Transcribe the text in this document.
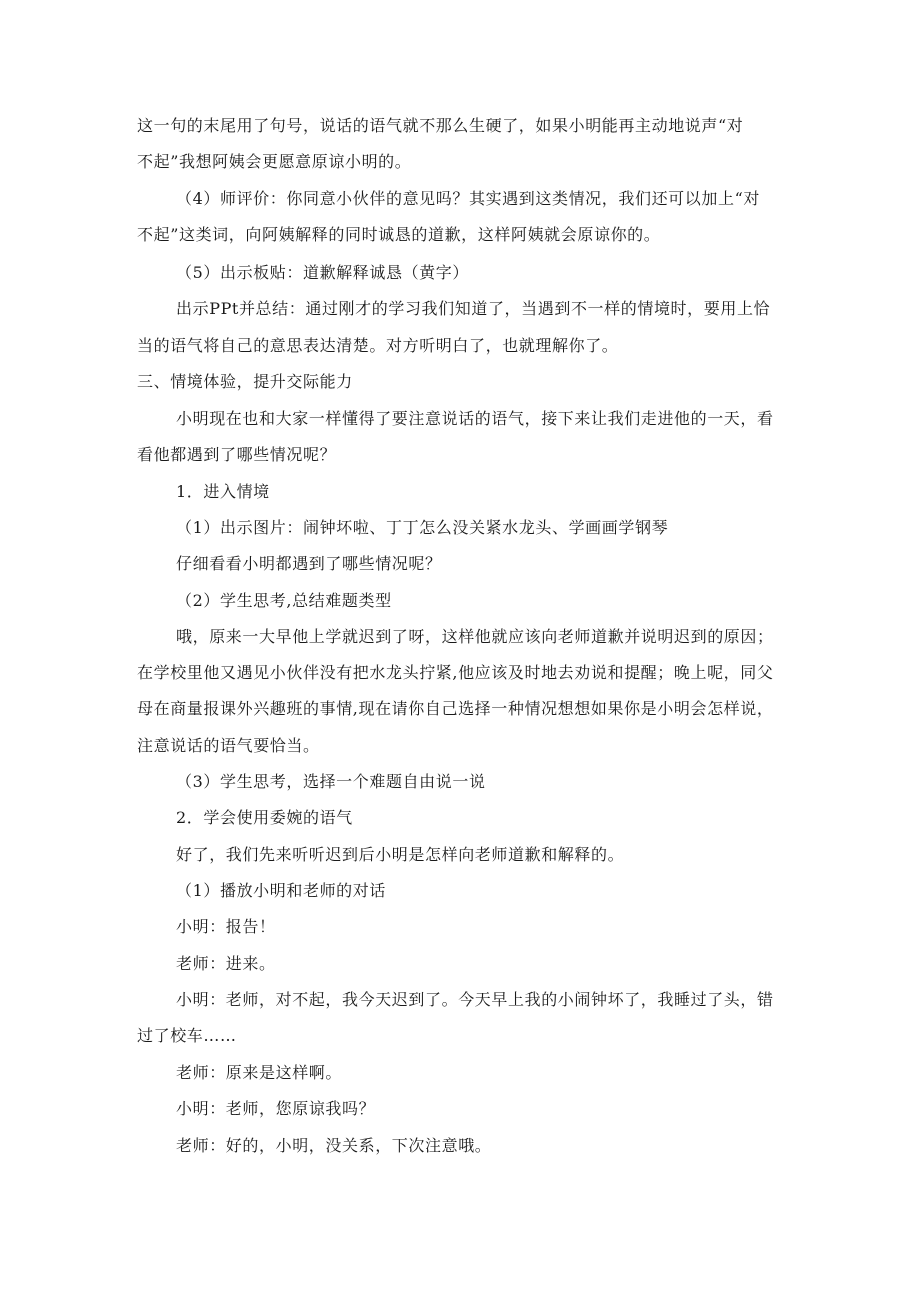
这一句的末尾用了句号，说话的语气就不那么生硬了，如果小明能再主动地说声“对
不起”我想阿姨会更愿意原谅小明的。
（4）师评价：你同意小伙伴的意见吗？其实遇到这类情况，我们还可以加上“对
不起”这类词，向阿姨解释的同时诚恳的道歉，这样阿姨就会原谅你的。
（5）出示板贴：道歉解释诚恳（黄字）
出示PPt并总结：通过刚才的学习我们知道了，当遇到不一样的情境时，要用上恰
当的语气将自己的意思表达清楚。对方听明白了，也就理解你了。
三、情境体验，提升交际能力
小明现在也和大家一样懂得了要注意说话的语气，接下来让我们走进他的一天，看
看他都遇到了哪些情况呢？
1．进入情境
（1）出示图片：闹钟坏啦、丁丁怎么没关紧水龙头、学画画学钢琴
仔细看看小明都遇到了哪些情况呢？
（2）学生思考,总结难题类型
哦，原来一大早他上学就迟到了呀，这样他就应该向老师道歉并说明迟到的原因；
在学校里他又遇见小伙伴没有把水龙头拧紧,他应该及时地去劝说和提醒；晚上呢，同父
母在商量报课外兴趣班的事情,现在请你自己选择一种情况想想如果你是小明会怎样说，
注意说话的语气要恰当。
（3）学生思考，选择一个难题自由说一说
2．学会使用委婉的语气
好了，我们先来听听迟到后小明是怎样向老师道歉和解释的。
（1）播放小明和老师的对话
小明：报告！
老师：进来。
小明：老师，对不起，我今天迟到了。今天早上我的小闹钟坏了，我睡过了头，错
过了校车……
老师：原来是这样啊。
小明：老师，您原谅我吗？
老师：好的，小明，没关系，下次注意哦。
